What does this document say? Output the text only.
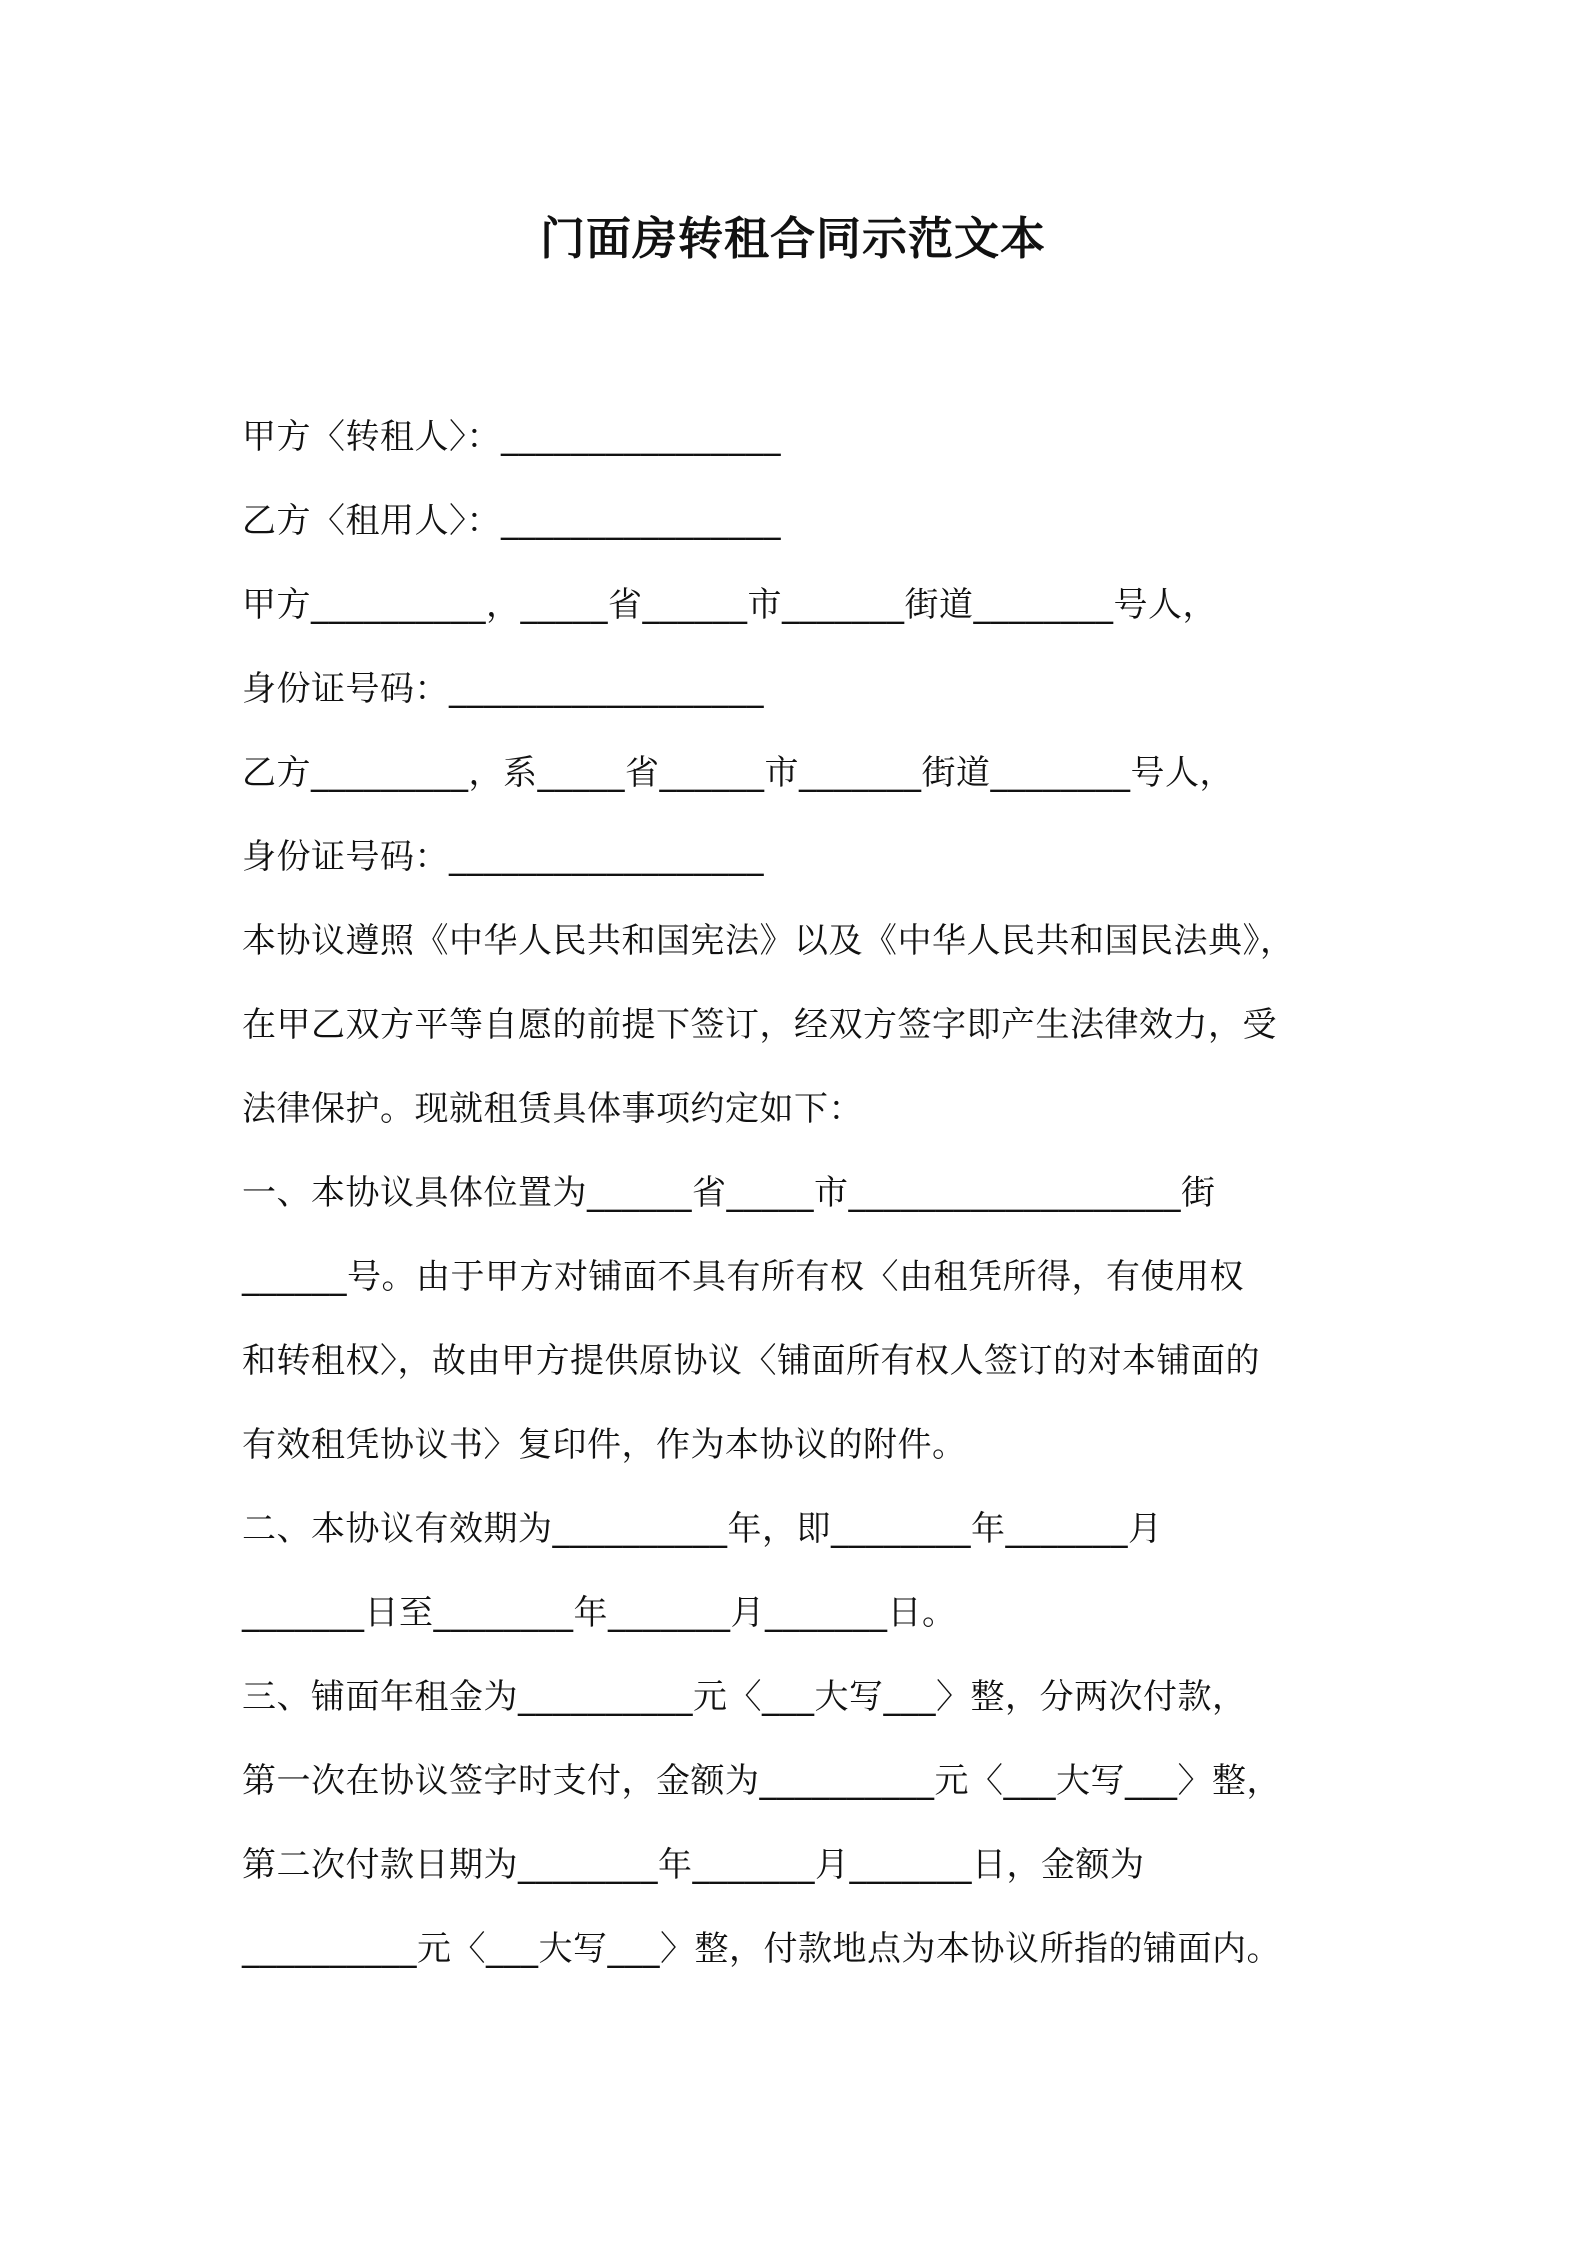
门面房转租合同示范文本
甲方〈转租人〉：________________
乙方〈租用人〉：________________
甲方__________，_____省______市_______街道________号人，
身份证号码：__________________
乙方_________，系_____省______市_______街道________号人，
身份证号码：__________________
本协议遵照《中华人民共和国宪法》以及《中华人民共和国民法典》，
在甲乙双方平等自愿的前提下签订，经双方签字即产生法律效力，受
法律保护。现就租赁具体事项约定如下：
一、本协议具体位置为______省_____市___________________街
______号。由于甲方对铺面不具有所有权〈由租凭所得，有使用权
和转租权〉，故由甲方提供原协议〈铺面所有权人签订的对本铺面的
有效租凭协议书〉复印件，作为本协议的附件。
二、本协议有效期为__________年，即________年_______月
_______日至________年_______月_______日。
三、铺面年租金为__________元〈___大写___〉整，分两次付款，
第一次在协议签字时支付，金额为__________元〈___大写___〉整，
第二次付款日期为________年_______月_______日，金额为
__________元〈___大写___〉整，付款地点为本协议所指的铺面内。
